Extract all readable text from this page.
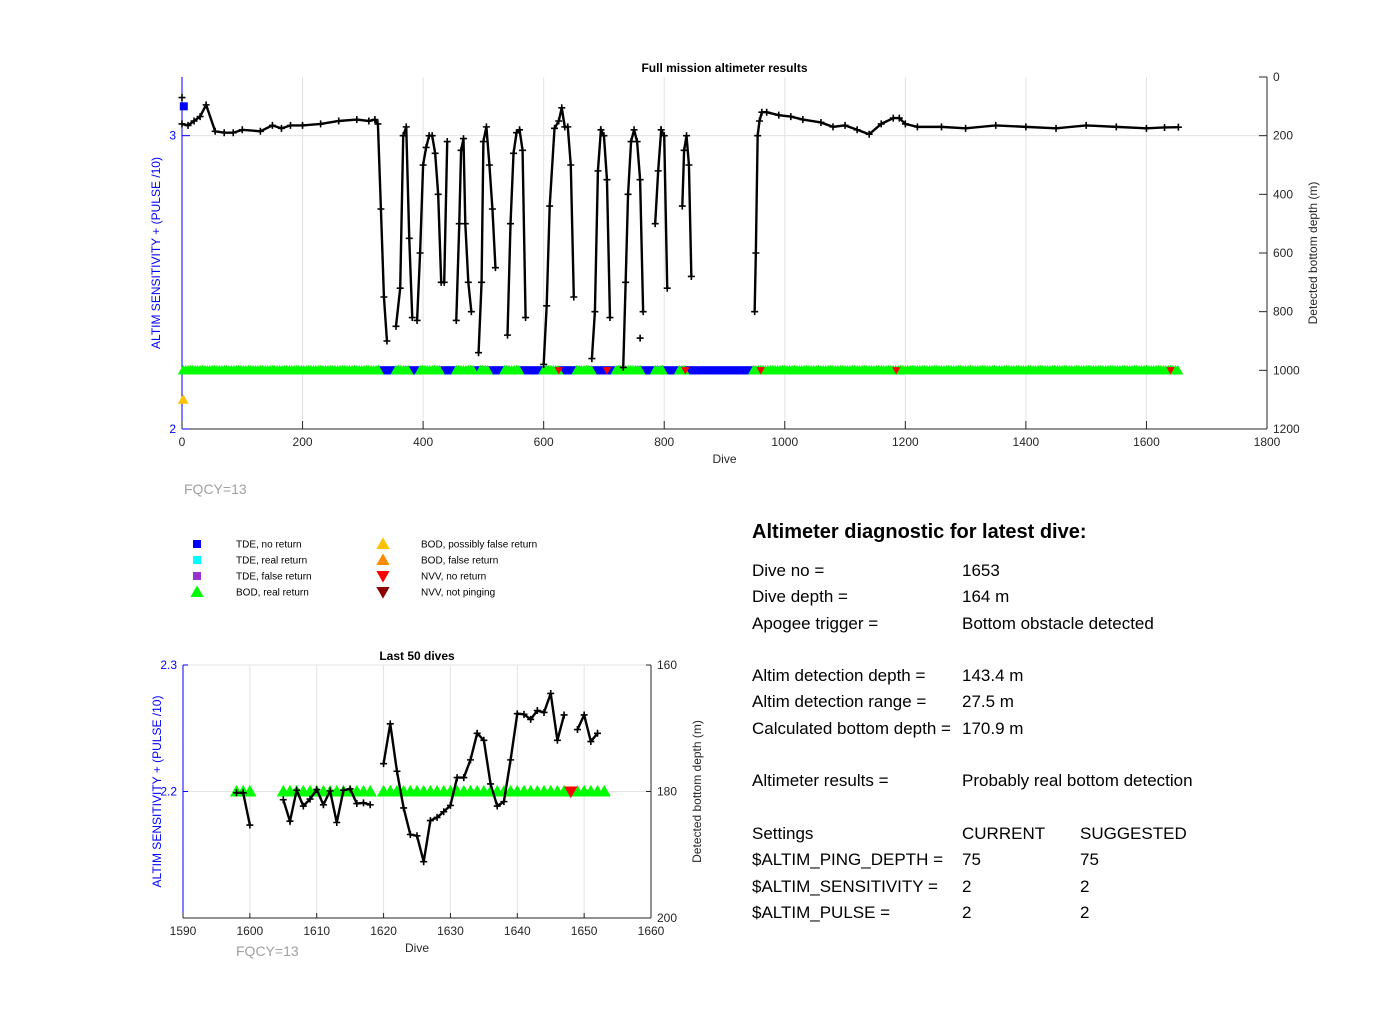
0	200	400	600	800	1000	1200	1400	1600	1800
2
3
0
200
400
600
800
1000
1200
Full mission altimeter results
Dive
ALTIM SENSITIVITY + (PULSE /10)	Detected bottom depth (m)
FQCY=13
TDE, no return
TDE, real return
TDE, false return
BOD, real return
BOD, possibly false return
BOD, false return
NVV, no return
NVV, not pinging
1590	1600	1610	1620	1630	1640	1650	1660
2.2
2.3	160
180
200
Last 50 dives
Dive
ALTIM SENSITIVITY + (PULSE /10)	Detected bottom depth (m)
FQCY=13
Altimeter diagnostic for latest dive:
Dive no =	1653
Dive depth =	164 m
Apogee trigger =	Bottom obstacle detected
Altim detection depth = 143.4 m
Altim detection range = 27.5 m
Calculated bottom depth = 170.9 m
Altimeter results =	Probably real bottom detection
Settings	CURRENT SUGGESTED
$ALTIM_PING_DEPTH = 75	75
$ALTIM_SENSITIVITY = 2	2
$ALTIM_PULSE =	2	2
